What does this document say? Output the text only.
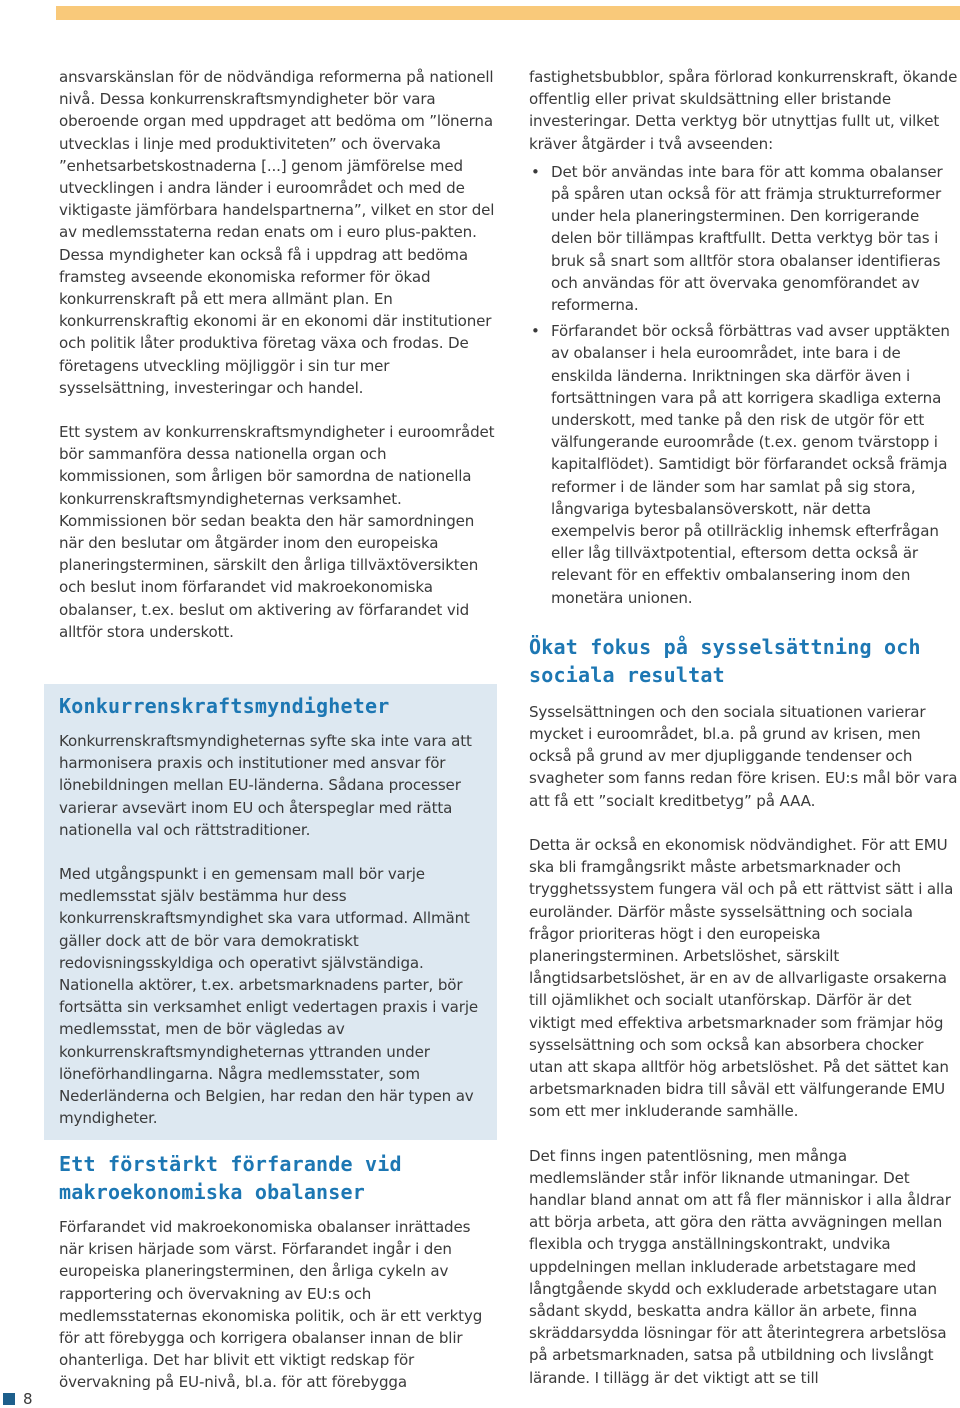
ansvarskänslan för de nödvändiga reformerna på nationell nivå. Dessa konkurrenskraftsmyndigheter bör vara oberoende organ med uppdraget att bedöma om ”lönerna utvecklas i linje med produktiviteten” och övervaka ”enhetsarbetskostnaderna [...] genom jämförelse med utvecklingen i andra länder i euroområdet och med de viktigaste jämförbara handelspartnerna”, vilket en stor del av medlemsstaterna redan enats om i euro plus-pakten. Dessa myndigheter kan också få i uppdrag att bedöma framsteg avseende ekonomiska reformer för ökad konkurrenskraft på ett mera allmänt plan. En konkurrenskraftig ekonomi är en ekonomi där institutioner och politik låter produktiva företag växa och frodas. De företagens utveckling möjliggör i sin tur mer sysselsättning, investeringar och handel.

Ett system av konkurrenskraftsmyndigheter i euroområdet bör sammanföra dessa nationella organ och kommissionen, som årligen bör samordna de nationella konkurrenskraftsmyndigheternas verksamhet. Kommissionen bör sedan beakta den här samordningen när den beslutar om åtgärder inom den europeiska planeringsterminen, särskilt den årliga tillväxtöversikten och beslut inom förfarandet vid makroekonomiska obalanser, t.ex. beslut om aktivering av förfarandet vid alltför stora underskott.

Konkurrenskraftsmyndigheter

Konkurrenskraftsmyndigheternas syfte ska inte vara att harmonisera praxis och institutioner med ansvar för lönebildningen mellan EU-länderna. Sådana processer varierar avsevärt inom EU och återspeglar med rätta nationella val och rättstraditioner.

Med utgångspunkt i en gemensam mall bör varje medlemsstat själv bestämma hur dess konkurrenskraftsmyndighet ska vara utformad. Allmänt gäller dock att de bör vara demokratiskt redovisningsskyldiga och operativt självständiga. Nationella aktörer, t.ex. arbetsmarknadens parter, bör fortsätta sin verksamhet enligt vedertagen praxis i varje medlemsstat, men de bör vägledas av konkurrenskraftsmyndigheternas yttranden under löneförhandlingarna. Några medlemsstater, som Nederländerna och Belgien, har redan den här typen av myndigheter.

Ett förstärkt förfarande vid makroekonomiska obalanser

Förfarandet vid makroekonomiska obalanser inrättades när krisen härjade som värst. Förfarandet ingår i den europeiska planeringsterminen, den årliga cykeln av rapportering och övervakning av EU:s och medlemsstaternas ekonomiska politik, och är ett verktyg för att förebygga och korrigera obalanser innan de blir ohanterliga. Det har blivit ett viktigt redskap för övervakning på EU-nivå, bl.a. för att förebygga

fastighetsbubblor, spåra förlorad konkurrenskraft, ökande offentlig eller privat skuldsättning eller bristande investeringar. Detta verktyg bör utnyttjas fullt ut, vilket kräver åtgärder i två avseenden:

• Det bör användas inte bara för att komma obalanser på spåren utan också för att främja strukturreformer under hela planeringsterminen. Den korrigerande delen bör tillämpas kraftfullt. Detta verktyg bör tas i bruk så snart som alltför stora obalanser identifieras och användas för att övervaka genomförandet av reformerna.

• Förfarandet bör också förbättras vad avser upptäkten av obalanser i hela euroområdet, inte bara i de enskilda länderna. Inriktningen ska därför även i fortsättningen vara på att korrigera skadliga externa underskott, med tanke på den risk de utgör för ett välfungerande euroområde (t.ex. genom tvärstopp i kapitalflödet). Samtidigt bör förfarandet också främja reformer i de länder som har samlat på sig stora, långvariga bytesbalansöverskott, när detta exempelvis beror på otillräcklig inhemsk efterfrågan eller låg tillväxtpotential, eftersom detta också är relevant för en effektiv ombalansering inom den monetära unionen.

Ökat fokus på sysselsättning och sociala resultat

Sysselsättningen och den sociala situationen varierar mycket i euroområdet, bl.a. på grund av krisen, men också på grund av mer djupliggande tendenser och svagheter som fanns redan före krisen. EU:s mål bör vara att få ett ”socialt kreditbetyg” på AAA.

Detta är också en ekonomisk nödvändighet. För att EMU ska bli framgångsrikt måste arbetsmarknader och trygghetssystem fungera väl och på ett rättvist sätt i alla euroländer. Därför måste sysselsättning och sociala frågor prioriteras högt i den europeiska planeringsterminen. Arbetslöshet, särskilt långtidsarbetslöshet, är en av de allvarligaste orsakerna till ojämlikhet och socialt utanförskap. Därför är det viktigt med effektiva arbetsmarknader som främjar hög sysselsättning och som också kan absorbera chocker utan att skapa alltför hög arbetslöshet. På det sättet kan arbetsmarknaden bidra till såväl ett välfungerande EMU som ett mer inkluderande samhälle.

Det finns ingen patentlösning, men många medlemsländer står inför liknande utmaningar. Det handlar bland annat om att få fler människor i alla åldrar att börja arbeta, att göra den rätta avvägningen mellan flexibla och trygga anställningskontrakt, undvika uppdelningen mellan inkluderade arbetstagare med långtgående skydd och exkluderade arbetstagare utan sådant skydd, beskatta andra källor än arbete, finna skräddarsydda lösningar för att återintegrera arbetslösa på arbetsmarknaden, satsa på utbildning och livslångt lärande. I tillägg är det viktigt att se till

8
